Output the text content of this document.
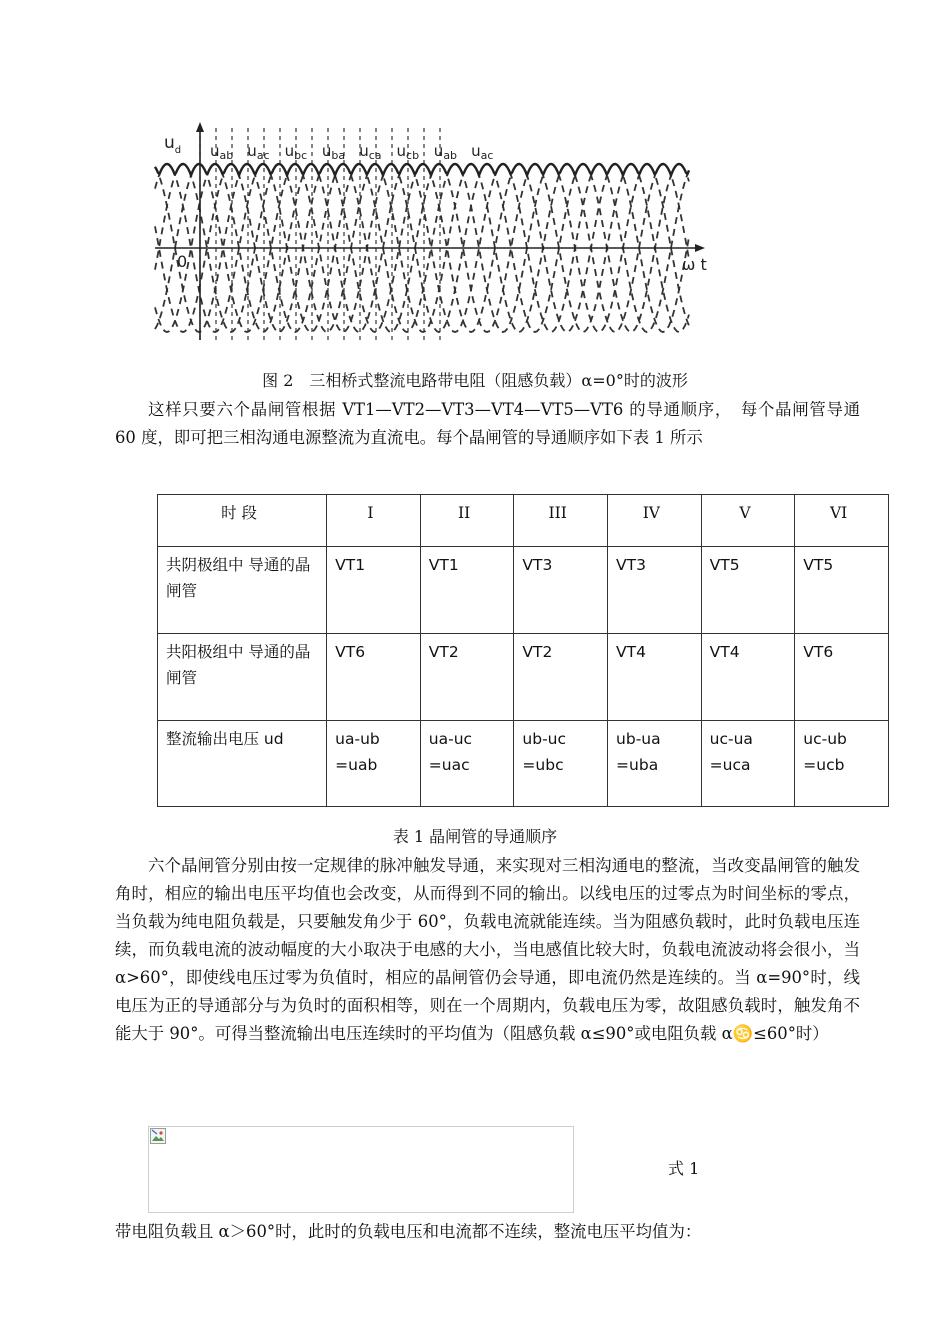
$u_d$
0	ω t
$u_{ab}$ $u_{ac}$ $u_{bc}$ $u_{ba}$ $u_{ca}$ $u_{cb}$ $u_{ab}$ $u_{ac}$
图 2　三相桥式整流电路带电阻（阻感负载）α=0°时的波形

这样只要六个晶闸管根据 VT1—VT2—VT3—VT4—VT5—VT6 的导通顺序，　每个晶闸管导通 60 度，即可把三相沟通电源整流为直流电。每个晶闸管的导通顺序如下表 1 所示

时 段	I	II	III	IV	V	VI
共阴极组中 导通的晶闸管	VT1	VT1	VT3	VT3	VT5	VT5
共阳极组中 导通的晶闸管	VT6	VT2	VT2	VT4	VT4	VT6
整流输出电压 ud	ua-ub =uab	ua-uc =uac	ub-uc =ubc	ub-ua =uba	uc-ua =uca	uc-ub =ucb
表 1 晶闸管的导通顺序

六个晶闸管分别由按一定规律的脉冲触发导通，来实现对三相沟通电的整流，当改变晶闸管的触发角时，相应的输出电压平均值也会改变，从而得到不同的输出。以线电压的过零点为时间坐标的零点，当负载为纯电阻负载是，只要触发角少于 60°，负载电流就能连续。当为阻感负载时，此时负载电压连续，而负载电流的波动幅度的大小取决于电感的大小，当电感值比较大时，负载电流波动将会很小，当 α>60°，即使线电压过零为负值时，相应的晶闸管仍会导通，即电流仍然是连续的。当 α=90°时，线电压为正的导通部分与为负时的面积相等，则在一个周期内，负载电压为零，故阻感负载时，触发角不能大于 90°。可得当整流输出电压连续时的平均值为（阻感负载 α≤90°或电阻负载 α♋≤60°时）

式 1

带电阻负载且 α＞60°时，此时的负载电压和电流都不连续，整流电压平均值为：
